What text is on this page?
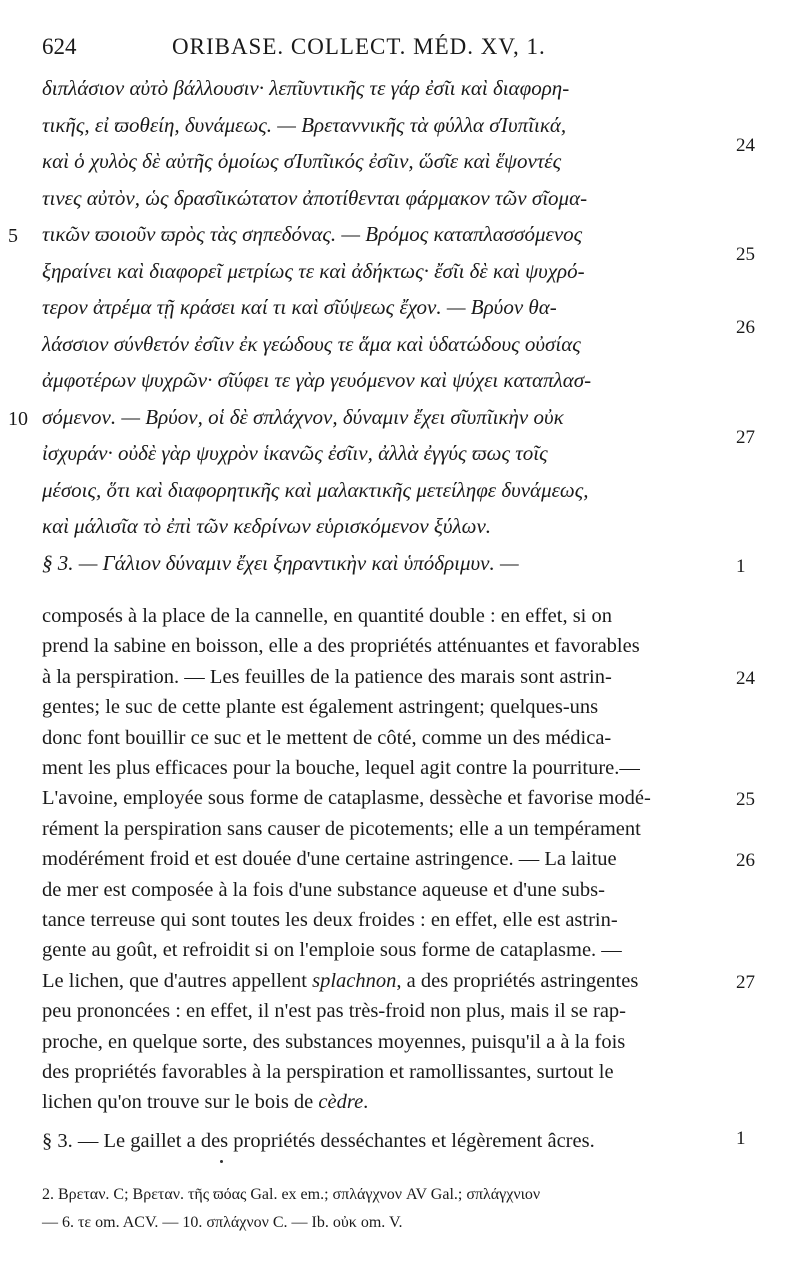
624	ORIBASE. COLLECT. MÉD. XV, 1.
διπλάσιον αὐτὸ βάλλουσιν· λεπῖυντικῆς τε γάρ ἐσῖι καὶ διαφορη-
τικῆς, εἰ ϖοθείη, δυνάμεως. — Βρεταννικῆς τὰ φύλλα σΊυπῖικά,
καὶ ὁ χυλὸς δὲ αὐτῆς ὁμοίως σΊυπῖικός ἐσῖιν, ὥσῖε καὶ ἕψοντές
τινες αὐτὸν, ὡς δρασῖικώτατον ἀποτίθενται φάρμακον τῶν σῖομα-
τικῶν ϖοιοῦν ϖρὸς τὰς σηπεδόνας. — Βρόμος καταπλασσόμενος
ξηραίνει καὶ διαφορεῖ μετρίως τε καὶ ἀδήκτως· ἔσῖι δὲ καὶ ψυχρό-
τερον ἀτρέμα τῇ κράσει καί τι καὶ σῖύψεως ἔχον. — Βρύον θα-
λάσσιον σύνθετόν ἐσῖιν ἐκ γεώδους τε ἅμα καὶ ὑδατώδους οὐσίας
ἀμφοτέρων ψυχρῶν· σῖύφει τε γὰρ γευόμενον καὶ ψύχει καταπλασ-
σόμενον. — Βρύον, οἱ δὲ σπλάχνον, δύναμιν ἔχει σῖυπῖικὴν οὐκ
ἰσχυράν· οὐδὲ γὰρ ψυχρὸν ἱκανῶς ἐσῖιν, ἀλλὰ ἐγγύς ϖως τοῖς
μέσοις, ὅτι καὶ διαφορητικῆς καὶ μαλακτικῆς μετείληφε δυνάμεως,
καὶ μάλισῖα τὸ ἐπὶ τῶν κεδρίνων εὑρισκόμενον ξύλων.
§ 3. — Γάλιον δύναμιν ἔχει ξηραντικὴν καὶ ὑπόδριμυν. —
5
10
24
25
26
27
1
composés à la place de la cannelle, en quantité double : en effet, si on
prend la sabine en boisson, elle a des propriétés atténuantes et favorables
à la perspiration. — Les feuilles de la patience des marais sont astrin-
gentes; le suc de cette plante est également astringent; quelques-uns
donc font bouillir ce suc et le mettent de côté, comme un des médica-
ment les plus efficaces pour la bouche, lequel agit contre la pourriture.—
L'avoine, employée sous forme de cataplasme, dessèche et favorise modé-
rément la perspiration sans causer de picotements; elle a un tempérament
modérément froid et est douée d'une certaine astringence. — La laitue
de mer est composée à la fois d'une substance aqueuse et d'une subs-
tance terreuse qui sont toutes les deux froides : en effet, elle est astrin-
gente au goût, et refroidit si on l'emploie sous forme de cataplasme. —
Le lichen, que d'autres appellent splachnon, a des propriétés astringentes
peu prononcées : en effet, il n'est pas très-froid non plus, mais il se rap-
proche, en quelque sorte, des substances moyennes, puisqu'il a à la fois
des propriétés favorables à la perspiration et ramollissantes, surtout le
lichen qu'on trouve sur le bois de cèdre.
§ 3. — Le gaillet a des propriétés desséchantes et légèrement âcres.
24
25
26
27
1
2. Βρεταν. C; Βρεταν. τῆς ϖόας Gal. ex em.; σπλάγχνον AV Gal.; σπλάγχνιον
— 6. τε om. ACV. — 10. σπλάχνον C. — Ib. οὐκ om. V.
